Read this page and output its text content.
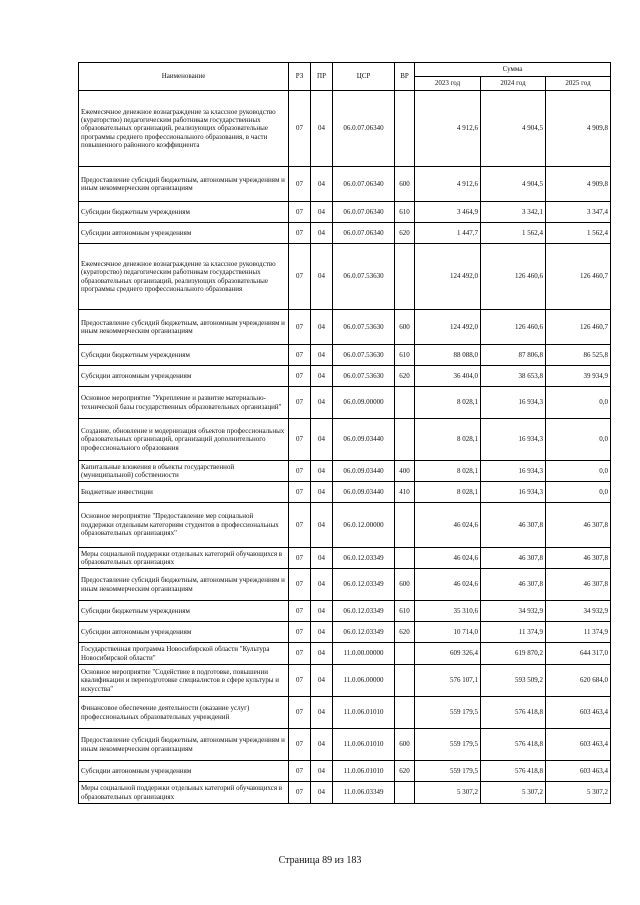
Наименование	РЗ	ПР	ЦСР	ВР	Сумма		
					2023 год	2024 год	2025 год
Ежемесячное денежное вознаграждение за классное руководство (кураторство) педагогическим работникам государственных образовательных организаций, реализующих образовательные программы среднего профессионального образования, в части повышенного районного коэффициента	07	04	06.0.07.06340		4 912,6	4 904,5	4 909,8
Предоставление субсидий бюджетным, автономным учреждениям и иным некоммерческим организациям	07	04	06.0.07.06340	600	4 912,6	4 904,5	4 909,8
Субсидии бюджетным учреждениям	07	04	06.0.07.06340	610	3 464,9	3 342,1	3 347,4
Субсидии автономным учреждениям	07	04	06.0.07.06340	620	1 447,7	1 562,4	1 562,4
Ежемесячное денежное вознаграждение за классное руководство (кураторство) педагогическим работникам государственных образовательных организаций, реализующих образовательные программы среднего профессионального образования	07	04	06.0.07.53630		124 492,0	126 460,6	126 460,7
Предоставление субсидий бюджетным, автономным учреждениям и иным некоммерческим организациям	07	04	06.0.07.53630	600	124 492,0	126 460,6	126 460,7
Субсидии бюджетным учреждениям	07	04	06.0.07.53630	610	88 088,0	87 806,8	86 525,8
Субсидии автономным учреждениям	07	04	06.0.07.53630	620	36 404,0	38 653,8	39 934,9
Основное мероприятие "Укрепление и развитие материально-технической базы государственных образовательных организаций"	07	04	06.0.09.00000		8 028,1	16 934,3	0,0
Создание, обновление и модернизация объектов профессиональных образовательных организаций, организаций дополнительного профессионального образования	07	04	06.0.09.03440		8 028,1	16 934,3	0,0
Капитальные вложения в объекты государственной (муниципальной) собственности	07	04	06.0.09.03440	400	8 028,1	16 934,3	0,0
Бюджетные инвестиции	07	04	06.0.09.03440	410	8 028,1	16 934,3	0,0
Основное мероприятие "Предоставление мер социальной поддержки отдельным категориям студентов в профессиональных образовательных организациях"	07	04	06.0.12.00000		46 024,6	46 307,8	46 307,8
Меры социальной поддержки отдельных категорий обучающихся в образовательных организациях	07	04	06.0.12.03349		46 024,6	46 307,8	46 307,8
Предоставление субсидий бюджетным, автономным учреждениям и иным некоммерческим организациям	07	04	06.0.12.03349	600	46 024,6	46 307,8	46 307,8
Субсидии бюджетным учреждениям	07	04	06.0.12.03349	610	35 310,6	34 932,9	34 932,9
Субсидии автономным учреждениям	07	04	06.0.12.03349	620	10 714,0	11 374,9	11 374,9
Государственная программа Новосибирской области "Культура Новосибирской области"	07	04	11.0.00.00000		609 326,4	619 870,2	644 317,0
Основное мероприятие "Содействие в подготовке, повышении квалификации и переподготовке специалистов в сфере культуры и искусства"	07	04	11.0.06.00000		576 107,1	593 509,2	620 684,0
Финансовое обеспечение деятельности (оказание услуг) профессиональных образовательных учреждений	07	04	11.0.06.01010		559 179,5	576 418,8	603 463,4
Предоставление субсидий бюджетным, автономным учреждениям и иным некоммерческим организациям	07	04	11.0.06.01010	600	559 179,5	576 418,8	603 463,4
Субсидии автономным учреждениям	07	04	11.0.06.01010	620	559 179,5	576 418,8	603 463,4
Меры социальной поддержки отдельных категорий обучающихся в образовательных организациях	07	04	11.0.06.03349		5 307,2	5 307,2	5 307,2
Страница 89 из 183
